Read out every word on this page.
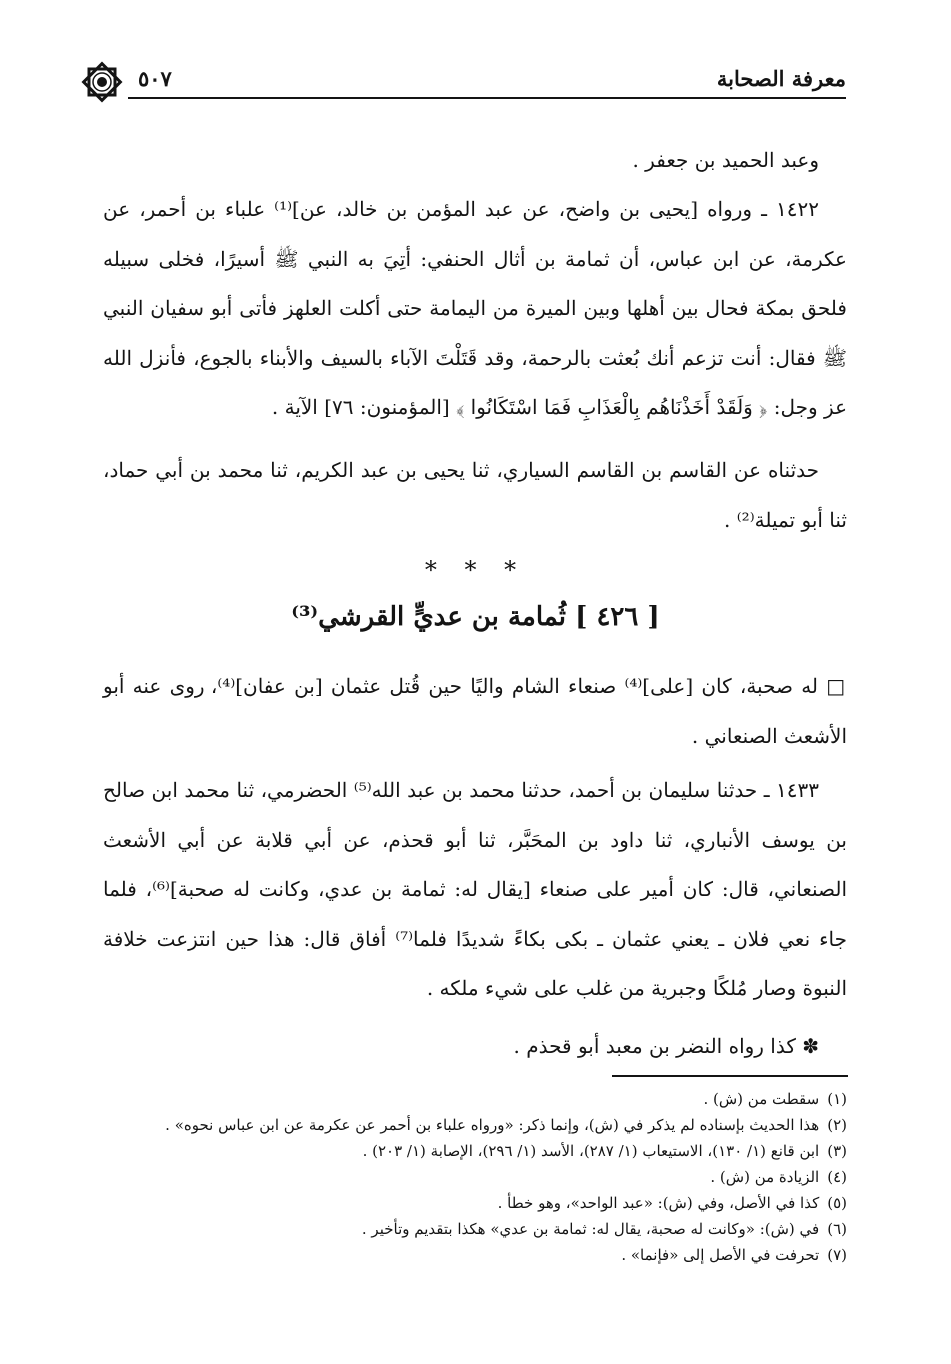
معرفة الصحابة
٥٠٧

وعبد الحميد بن جعفر .

١٤٢٢ ـ ورواه [يحيى بن واضح، عن عبد المؤمن بن خالد، عن]⁽¹⁾ علباء بن أحمر، عن عكرمة، عن ابن عباس، أن ثمامة بن أثال الحنفي: أتِيَ به النبي ﷺ أسيرًا، فخلى سبيله فلحق بمكة فحال بين أهلها وبين الميرة من اليمامة حتى أكلت العلهز فأتى أبو سفيان النبي ﷺ فقال: أنت تزعم أنك بُعثت بالرحمة، وقد قَتَلْتَ الآباء بالسيف والأبناء بالجوع، فأنزل الله عز وجل: ﴿ وَلَقَدْ أَخَذْنَاهُم بِالْعَذَابِ فَمَا اسْتَكَانُوا ﴾ [المؤمنون: ٧٦] الآية .

حدثناه عن القاسم بن القاسم السياري، ثنا يحيى بن عبد الكريم، ثنا محمد بن أبي حماد، ثنا أبو تميلة⁽²⁾ .

* * *
[ ٤٢٦ ] ثُمامة بن عديٍّ القرشي⁽³⁾

□ له صحبة، كان [على]⁽⁴⁾ صنعاء الشام واليًا حين قُتل عثمان [بن عفان]⁽⁴⁾، روى عنه أبو الأشعث الصنعاني .

١٤٣٣ ـ حدثنا سليمان بن أحمد، حدثنا محمد بن عبد الله⁽⁵⁾ الحضرمي، ثنا محمد ابن صالح بن يوسف الأنباري، ثنا داود بن المحَبَّر، ثنا أبو قحذم، عن أبي قلابة عن أبي الأشعث الصنعاني، قال: كان أمير على صنعاء [يقال له: ثمامة بن عدي، وكانت له صحبة]⁽⁶⁾، فلما جاء نعي فلان ـ يعني عثمان ـ بكى بكاءً شديدًا فلما⁽⁷⁾ أفاق قال: هذا حين انتزعت خلافة النبوة وصار مُلكًا وجبرية من غلب على شيء ملكه .

✽ كذا رواه النضر بن معبد أبو قحذم .

(١)سقطت من (ش) .

(٢)هذا الحديث بإسناده لم يذكر في (ش)، وإنما ذكر: «ورواه علباء بن أحمر عن عكرمة عن ابن عباس نحوه» .

(٣)ابن قانع (١/ ١٣٠)، الاستيعاب (١/ ٢٨٧)، الأسد (١/ ٢٩٦)، الإصابة (١/ ٢٠٣) .

(٤)الزيادة من (ش) .

(٥)كذا في الأصل، وفي (ش): «عبد الواحد»، وهو خطأ .

(٦)في (ش): «وكانت له صحبة، يقال له: ثمامة بن عدي» هكذا بتقديم وتأخير .

(٧)تحرفت في الأصل إلى «فإنما» .
